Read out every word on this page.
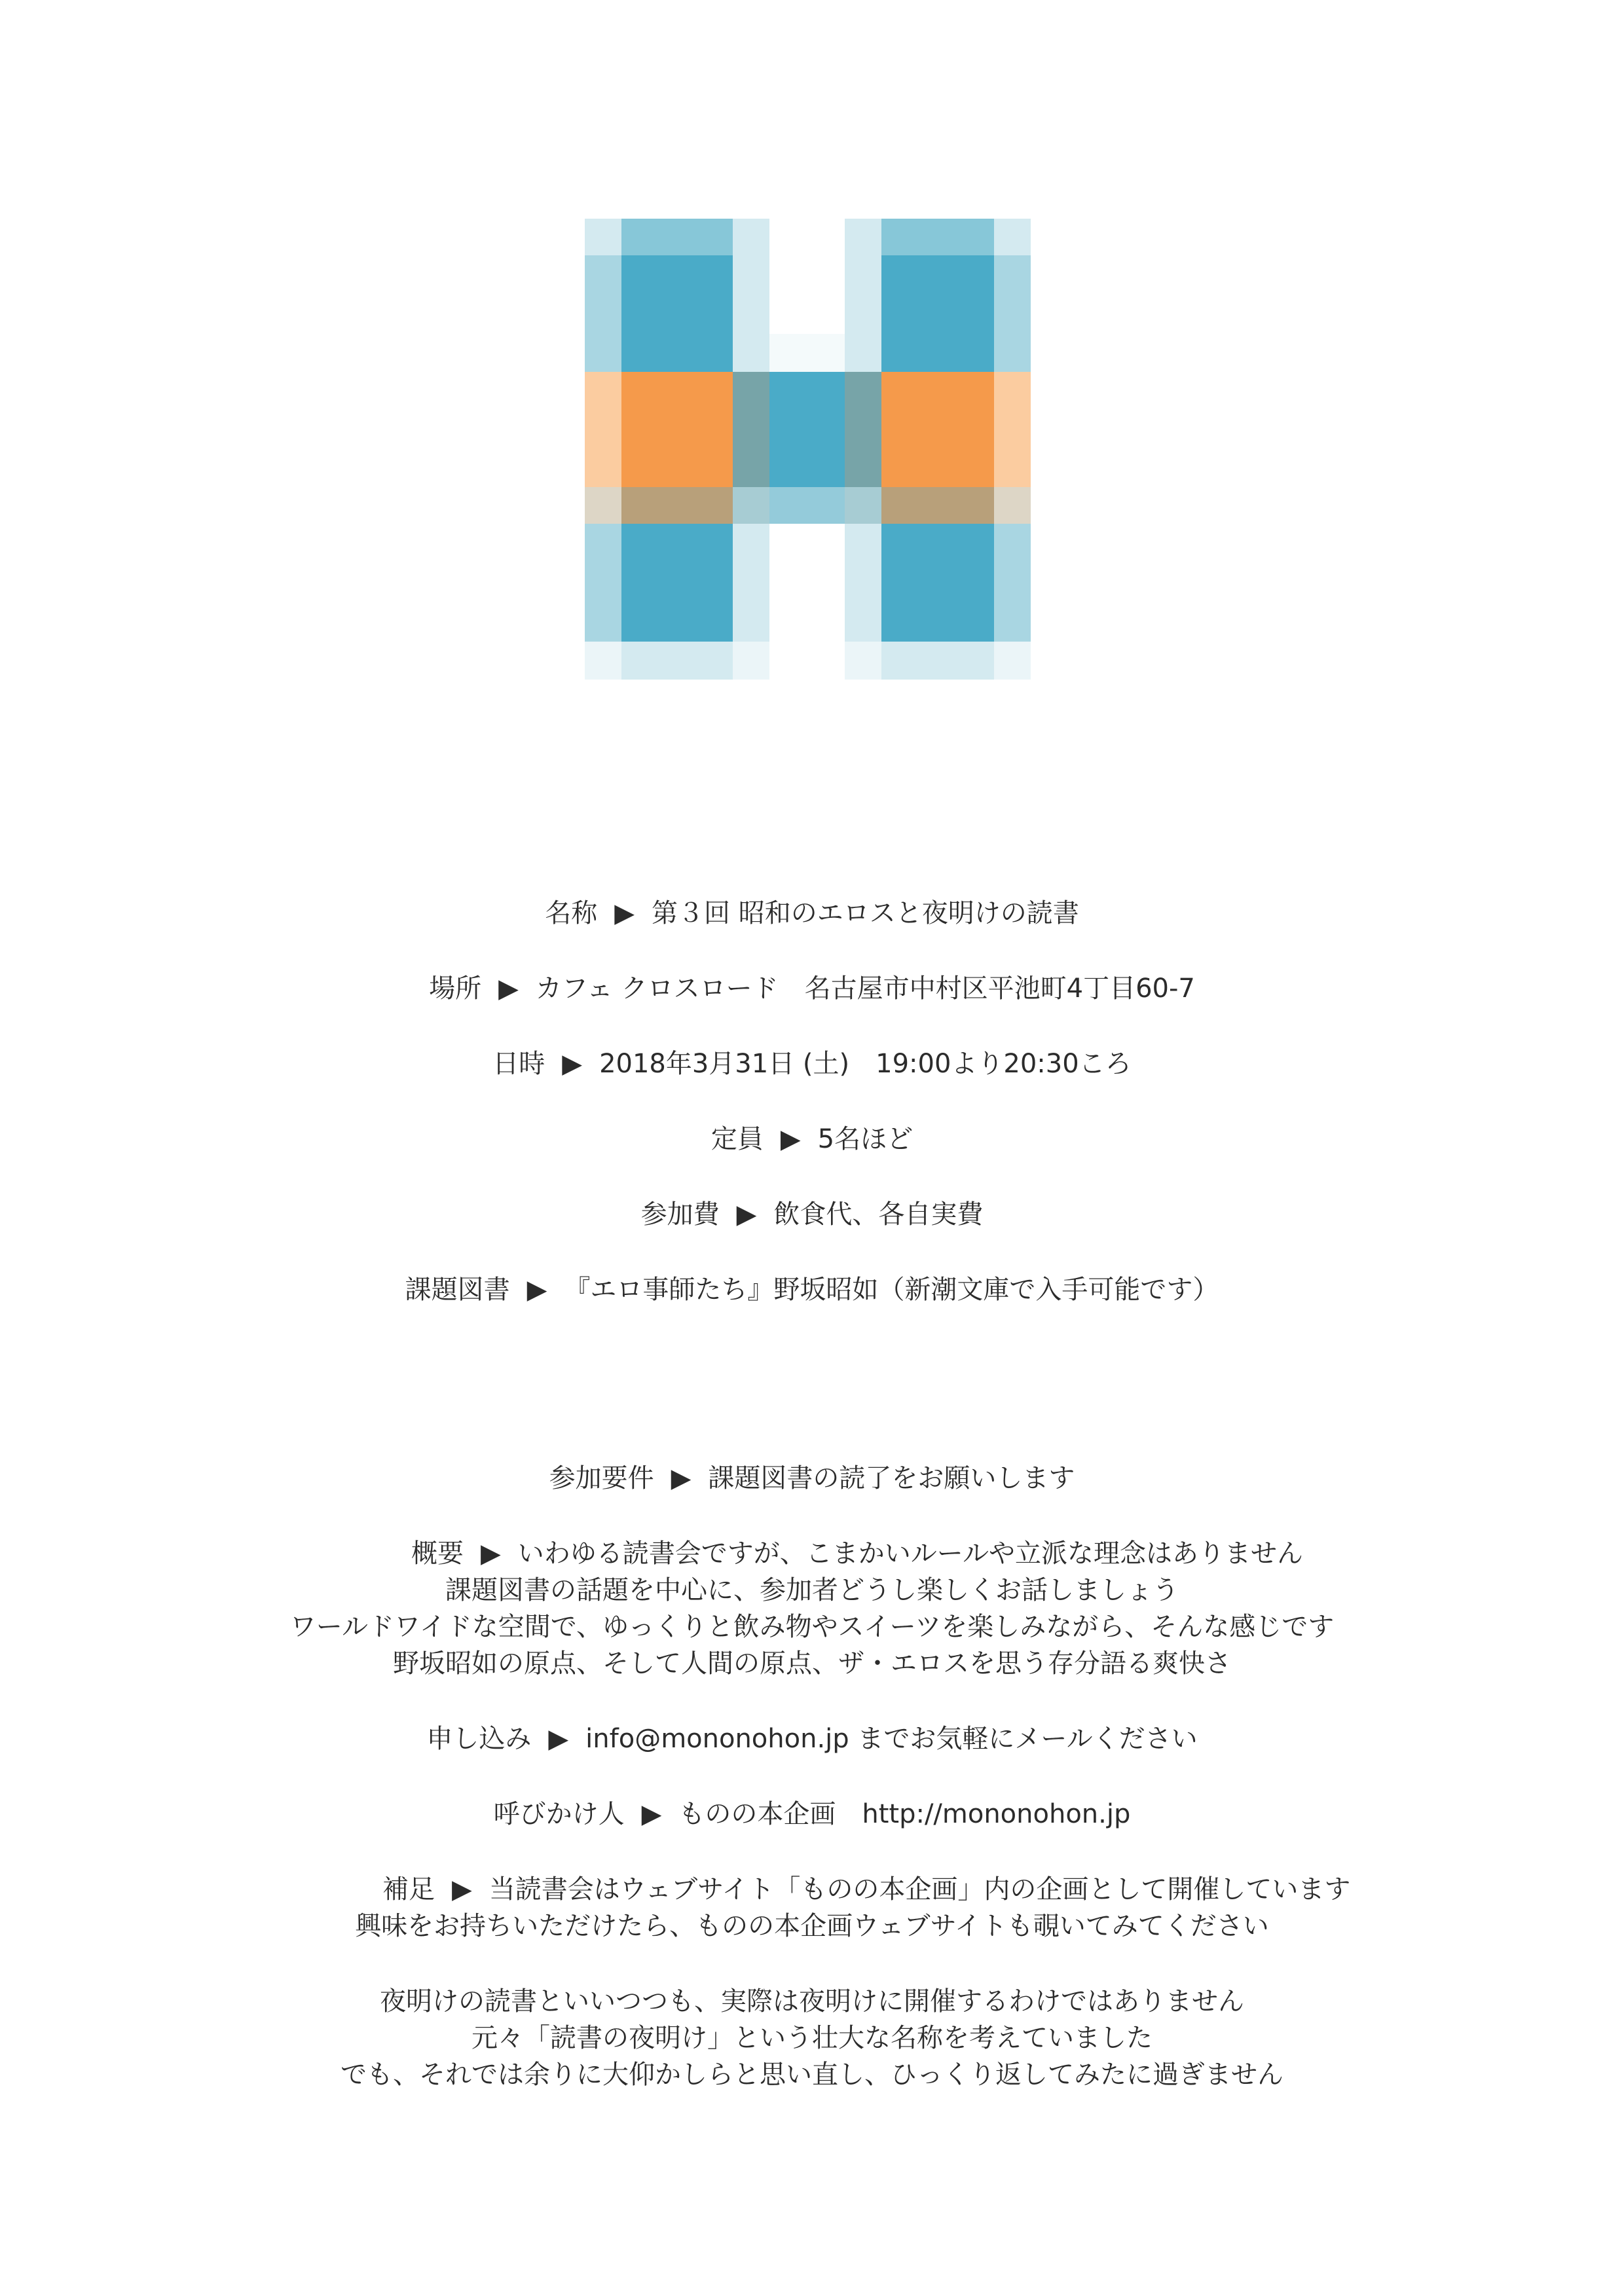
名称 ▶ 第３回 昭和のエロスと夜明けの読書
場所 ▶ カフェ クロスロード　名古屋市中村区平池町4丁目60-7
日時 ▶ 2018年3月31日 (土)　19:00より20:30ころ
定員 ▶ 5名ほど
参加費 ▶ 飲食代、各自実費
課題図書 ▶ 『エロ事師たち』野坂昭如（新潮文庫で入手可能です）
参加要件 ▶ 課題図書の読了をお願いします
概要 ▶ いわゆる読書会ですが、こまかいルールや立派な理念はありません
課題図書の話題を中心に、参加者どうし楽しくお話しましょう
ワールドワイドな空間で、ゆっくりと飲み物やスイーツを楽しみながら、そんな感じです
野坂昭如の原点、そして人間の原点、ザ・エロスを思う存分語る爽快さ
申し込み ▶ info@mononohon.jp までお気軽にメールください
呼びかけ人 ▶ ものの本企画　http://mononohon.jp
補足 ▶ 当読書会はウェブサイト「ものの本企画」内の企画として開催しています
興味をお持ちいただけたら、ものの本企画ウェブサイトも覗いてみてください
夜明けの読書といいつつも、実際は夜明けに開催するわけではありません
元々「読書の夜明け」という壮大な名称を考えていました
でも、それでは余りに大仰かしらと思い直し、ひっくり返してみたに過ぎません
